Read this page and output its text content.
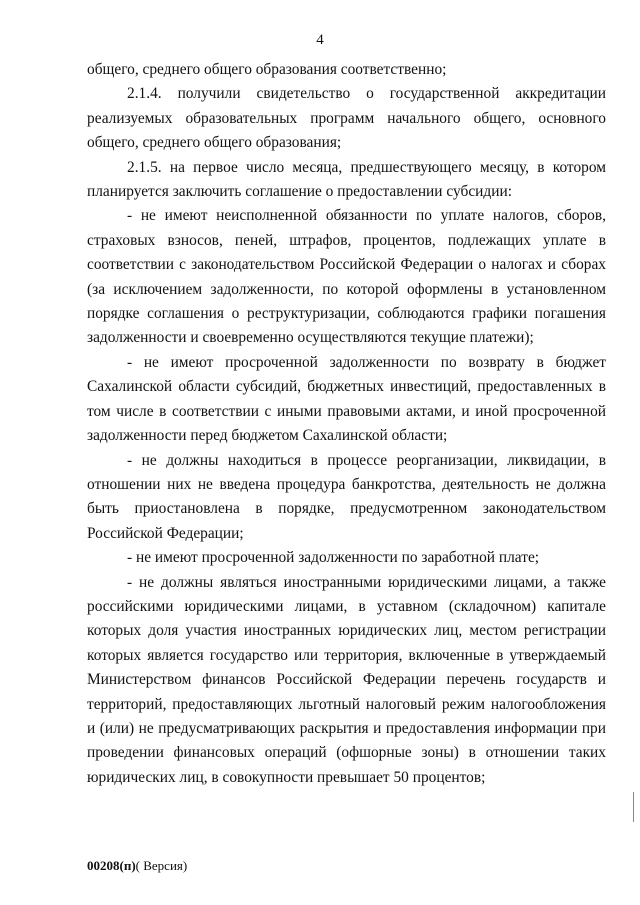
4

общего, среднего общего образования соответственно;

2.1.4. получили свидетельство о государственной аккредитации реализуемых образовательных программ начального общего, основного общего, среднего общего образования;

2.1.5. на первое число месяца, предшествующего месяцу, в котором планируется заключить соглашение о предоставлении субсидии:

- не имеют неисполненной обязанности по уплате налогов, сборов, страховых взносов, пеней, штрафов, процентов, подлежащих уплате в соответствии с законодательством Российской Федерации о налогах и сборах (за исключением задолженности, по которой оформлены в установленном порядке соглашения о реструктуризации, соблюдаются графики погашения задолженности и своевременно осуществляются текущие платежи);

- не имеют просроченной задолженности по возврату в бюджет Сахалинской области субсидий, бюджетных инвестиций, предоставленных в том числе в соответствии с иными правовыми актами, и иной просроченной задолженности перед бюджетом Сахалинской области;

- не должны находиться в процессе реорганизации, ликвидации, в отношении них не введена процедура банкротства, деятельность не должна быть приостановлена в порядке, предусмотренном законодательством Российской Федерации;

- не имеют просроченной задолженности по заработной плате;

- не должны являться иностранными юридическими лицами, а также российскими юридическими лицами, в уставном (складочном) капитале которых доля участия иностранных юридических лиц, местом регистрации которых является государство или территория, включенные в утверждаемый Министерством финансов Российской Федерации перечень государств и территорий, предоставляющих льготный налоговый режим налогообложения и (или) не предусматривающих раскрытия и предоставления информации при проведении финансовых операций (офшорные зоны) в отношении таких юридических лиц, в совокупности превышает 50 процентов;

00208(п)( Версия)
